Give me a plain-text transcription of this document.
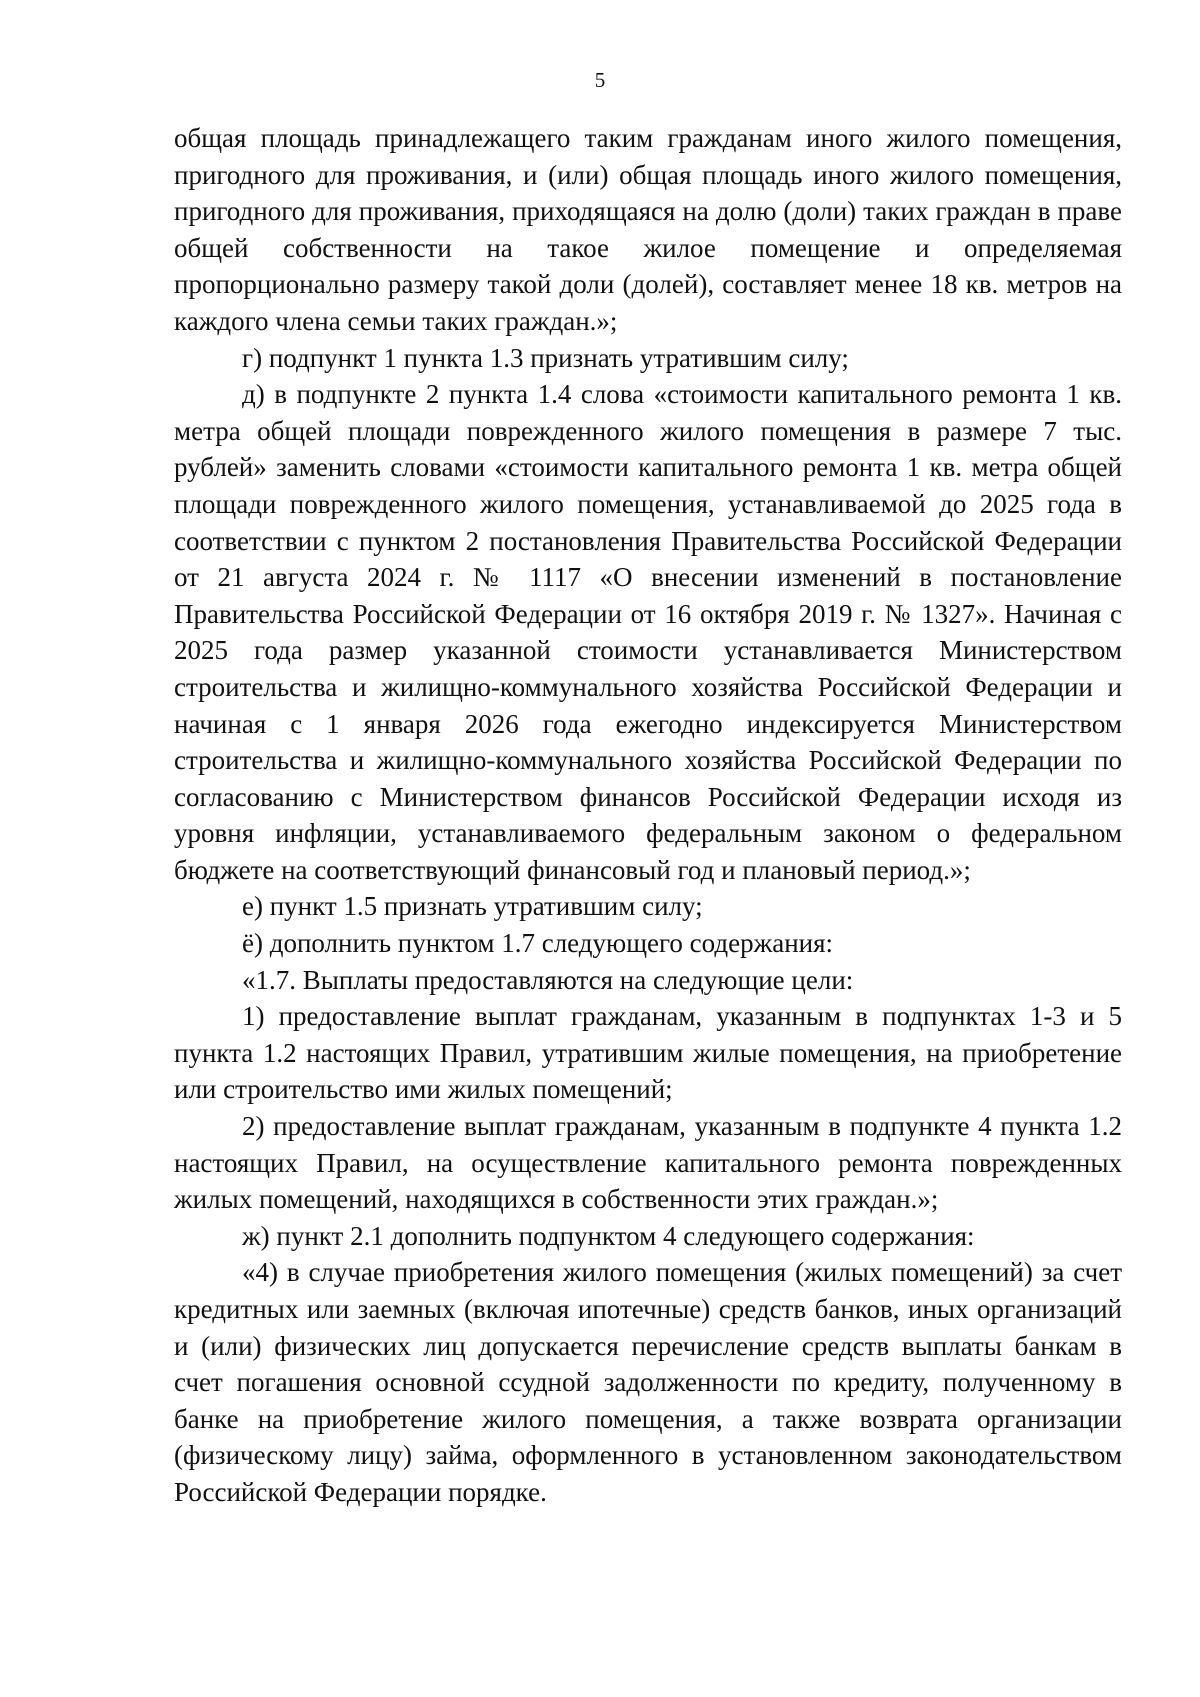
5

общая площадь принадлежащего таким гражданам иного жилого помещения, пригодного для проживания, и (или) общая площадь иного жилого помещения, пригодного для проживания, приходящаяся на долю (доли) таких граждан в праве общей собственности на такое жилое помещение и определяемая пропорционально размеру такой доли (долей), составляет менее 18 кв. метров на каждого члена семьи таких граждан.»;

г) подпункт 1 пункта 1.3 признать утратившим силу;

д) в подпункте 2 пункта 1.4 слова «стоимости капитального ремонта 1 кв. метра общей площади поврежденного жилого помещения в размере 7 тыс. рублей» заменить словами «стоимости капитального ремонта 1 кв. метра общей площади поврежденного жилого помещения, устанавливаемой до 2025 года в соответствии с пунктом 2 постановления Правительства Российской Федерации от 21 августа 2024 г. № 1117 «О внесении изменений в постановление Правительства Российской Федерации от 16 октября 2019 г. № 1327». Начиная с 2025 года размер указанной стоимости устанавливается Министерством строительства и жилищно-коммунального хозяйства Российской Федерации и начиная с 1 января 2026 года ежегодно индексируется Министерством строительства и жилищно-коммунального хозяйства Российской Федерации по согласованию с Министерством финансов Российской Федерации исходя из уровня инфляции, устанавливаемого федеральным законом о федеральном бюджете на соответствующий финансовый год и плановый период.»;

е) пункт 1.5 признать утратившим силу;

ё) дополнить пунктом 1.7 следующего содержания:

«1.7. Выплаты предоставляются на следующие цели:

1) предоставление выплат гражданам, указанным в подпунктах 1-3 и 5 пункта 1.2 настоящих Правил, утратившим жилые помещения, на приобретение или строительство ими жилых помещений;

2) предоставление выплат гражданам, указанным в подпункте 4 пункта 1.2 настоящих Правил, на осуществление капитального ремонта поврежденных жилых помещений, находящихся в собственности этих граждан.»;

ж) пункт 2.1 дополнить подпунктом 4 следующего содержания:

«4) в случае приобретения жилого помещения (жилых помещений) за счет кредитных или заемных (включая ипотечные) средств банков, иных организаций и (или) физических лиц допускается перечисление средств выплаты банкам в счет погашения основной ссудной задолженности по кредиту, полученному в банке на приобретение жилого помещения, а также возврата организации (физическому лицу) займа, оформленного в установленном законодательством Российской Федерации порядке.
